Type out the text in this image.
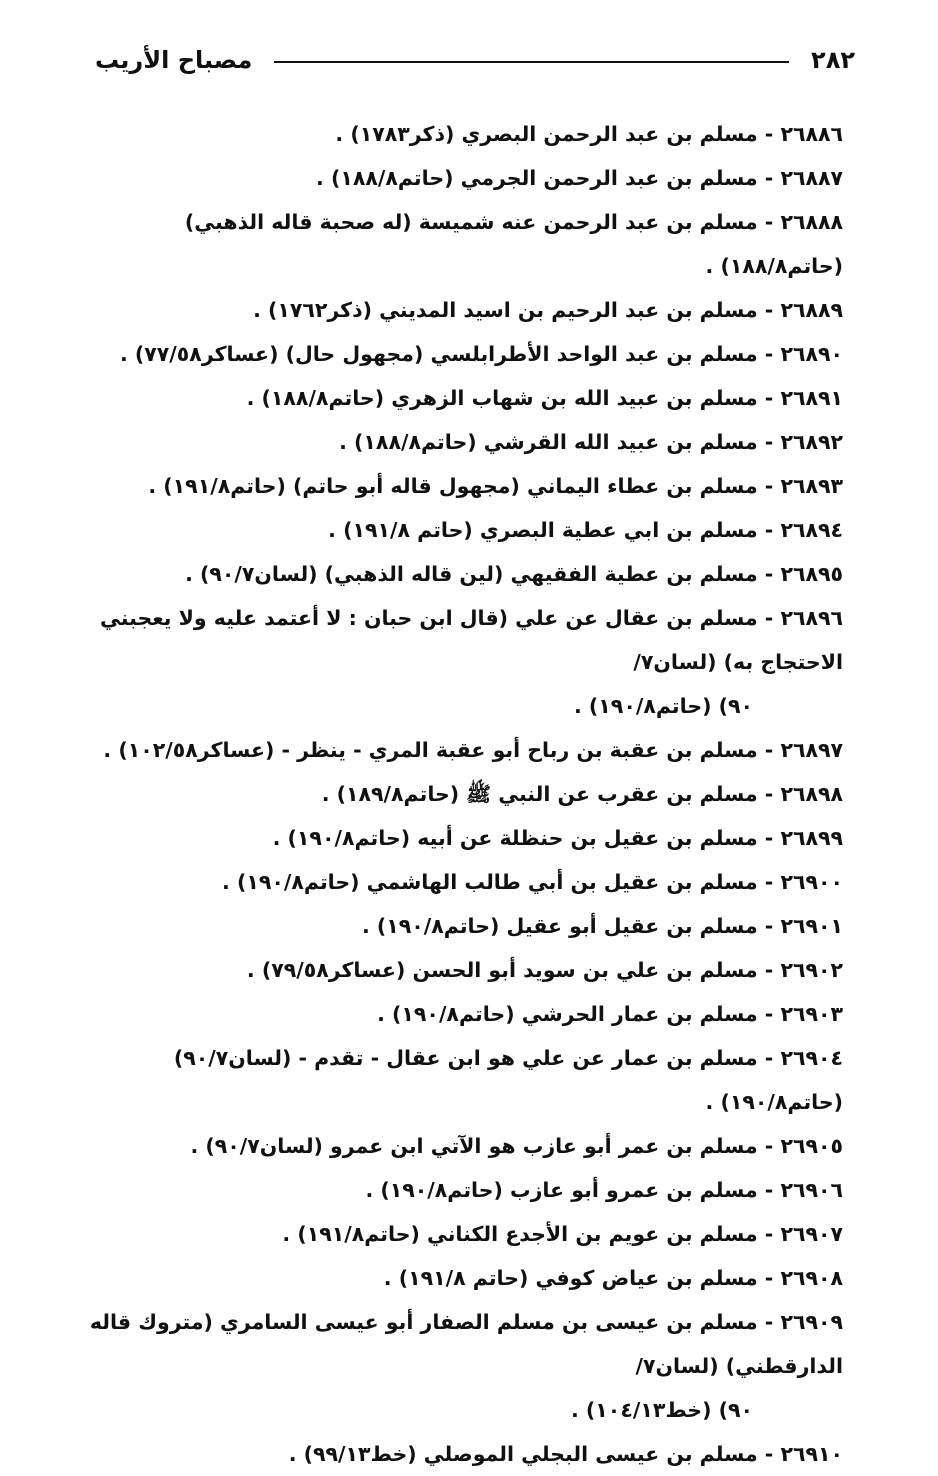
٢٨٢
مصباح الأريب
٢٦٨٨٦ - مسلم بن عبد الرحمن البصري (ذكر١٧٨٣) .
٢٦٨٨٧ - مسلم بن عبد الرحمن الجرمي (حاتم١٨٨/٨) .
٢٦٨٨٨ - مسلم بن عبد الرحمن عنه شميسة (له صحبة قاله الذهبي) (حاتم١٨٨/٨) .
٢٦٨٨٩ - مسلم بن عبد الرحيم بن اسيد المديني (ذكر١٧٦٢) .
٢٦٨٩٠ - مسلم بن عبد الواحد الأطرابلسي (مجهول حال) (عساكر٧٧/٥٨) .
٢٦٨٩١ - مسلم بن عبيد الله بن شهاب الزهري (حاتم١٨٨/٨) .
٢٦٨٩٢ - مسلم بن عبيد الله القرشي (حاتم١٨٨/٨) .
٢٦٨٩٣ - مسلم بن عطاء اليماني (مجهول قاله أبو حاتم) (حاتم١٩١/٨) .
٢٦٨٩٤ - مسلم بن ابي عطية البصري (حاتم ١٩١/٨) .
٢٦٨٩٥ - مسلم بن عطية الفقيهي (لين قاله الذهبي) (لسان٩٠/٧) .
٢٦٨٩٦ - مسلم بن عقال عن علي (قال ابن حبان : لا أعتمد عليه ولا يعجبني الاحتجاج به) (لسان٧/
٩٠) (حاتم١٩٠/٨) .
٢٦٨٩٧ - مسلم بن عقبة بن رباح أبو عقبة المري - ينظر - (عساكر١٠٢/٥٨) .
٢٦٨٩٨ - مسلم بن عقرب عن النبي ﷺ (حاتم١٨٩/٨) .
٢٦٨٩٩ - مسلم بن عقيل بن حنظلة عن أبيه (حاتم١٩٠/٨) .
٢٦٩٠٠ - مسلم بن عقيل بن أبي طالب الهاشمي (حاتم١٩٠/٨) .
٢٦٩٠١ - مسلم بن عقيل أبو عقيل (حاتم١٩٠/٨) .
٢٦٩٠٢ - مسلم بن علي بن سويد أبو الحسن (عساكر٧٩/٥٨) .
٢٦٩٠٣ - مسلم بن عمار الحرشي (حاتم١٩٠/٨) .
٢٦٩٠٤ - مسلم بن عمار عن علي هو ابن عقال - تقدم - (لسان٩٠/٧) (حاتم١٩٠/٨) .
٢٦٩٠٥ - مسلم بن عمر أبو عازب هو الآتي ابن عمرو (لسان٩٠/٧) .
٢٦٩٠٦ - مسلم بن عمرو أبو عازب (حاتم١٩٠/٨) .
٢٦٩٠٧ - مسلم بن عويم بن الأجدع الكناني (حاتم١٩١/٨) .
٢٦٩٠٨ - مسلم بن عياض كوفي (حاتم ١٩١/٨) .
٢٦٩٠٩ - مسلم بن عيسى بن مسلم الصفار أبو عيسى السامري (متروك قاله الدارقطني) (لسان٧/
٩٠) (خط١٠٤/١٣) .
٢٦٩١٠ - مسلم بن عيسى البجلي الموصلي (خط٩٩/١٣) .
